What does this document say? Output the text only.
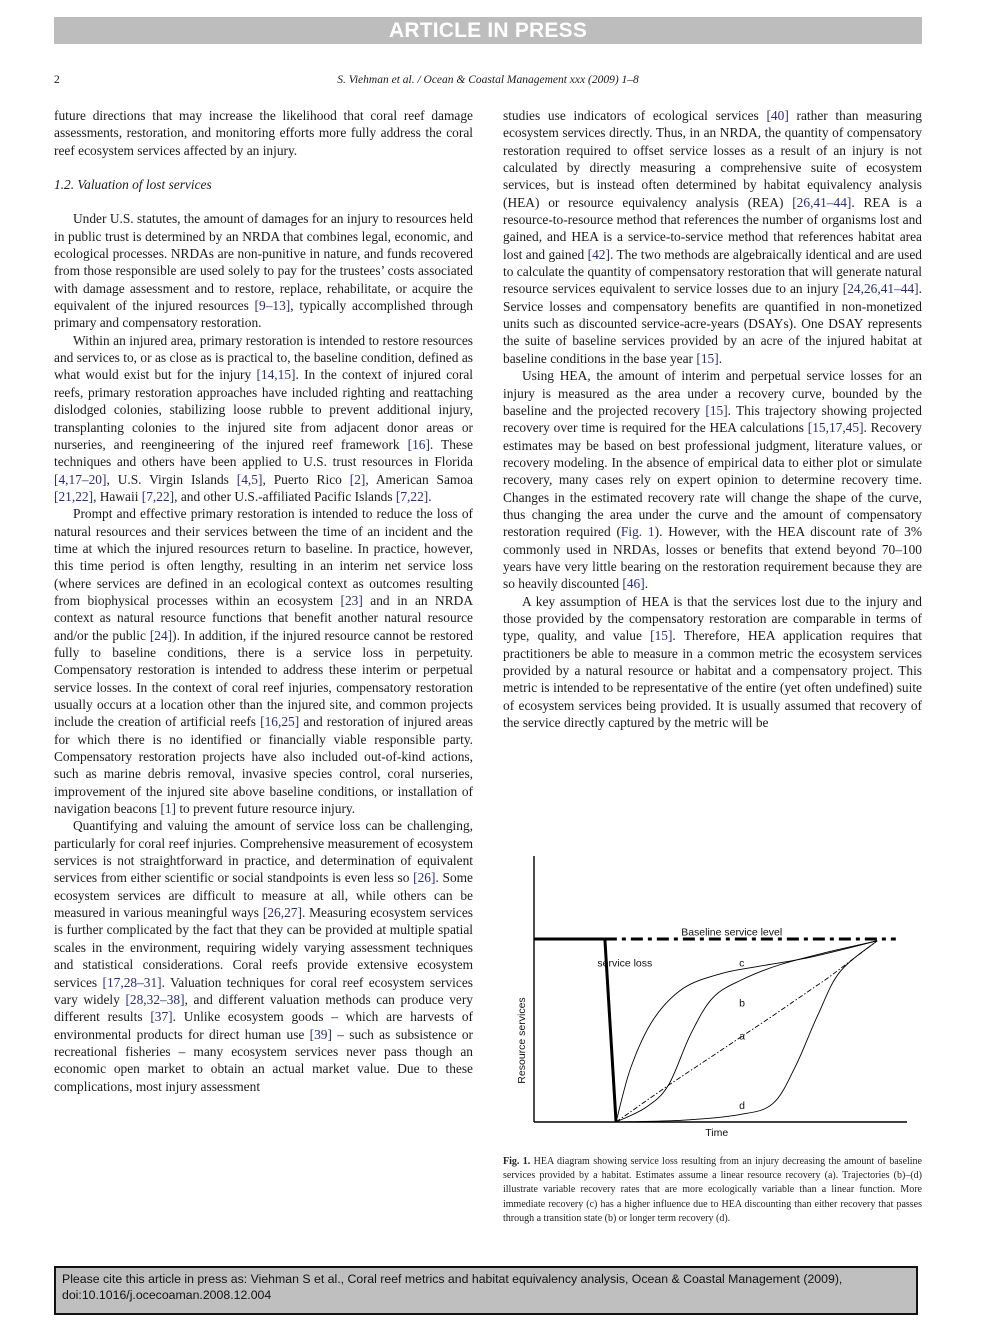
ARTICLE IN PRESS
2	S. Viehman et al. / Ocean & Coastal Management xxx (2009) 1–8

future directions that may increase the likelihood that coral reef damage assessments, restoration, and monitoring efforts more fully address the coral reef ecosystem services affected by an injury.

1.2. Valuation of lost services

Under U.S. statutes, the amount of damages for an injury to resources held in public trust is determined by an NRDA that combines legal, economic, and ecological processes. NRDAs are non-punitive in nature, and funds recovered from those responsible are used solely to pay for the trustees’ costs associated with damage assessment and to restore, replace, rehabilitate, or acquire the equivalent of the injured resources [9–13], typically accomplished through primary and compensatory restoration.

Within an injured area, primary restoration is intended to restore resources and services to, or as close as is practical to, the baseline condition, defined as what would exist but for the injury [14,15]. In the context of injured coral reefs, primary restoration approaches have included righting and reattaching dislodged colonies, stabilizing loose rubble to prevent additional injury, transplanting colonies to the injured site from adjacent donor areas or nurseries, and reengineering of the injured reef framework [16]. These techniques and others have been applied to U.S. trust resources in Florida [4,17–20], U.S. Virgin Islands [4,5], Puerto Rico [2], American Samoa [21,22], Hawaii [7,22], and other U.S.-affiliated Pacific Islands [7,22].

Prompt and effective primary restoration is intended to reduce the loss of natural resources and their services between the time of an incident and the time at which the injured resources return to baseline. In practice, however, this time period is often lengthy, resulting in an interim net service loss (where services are defined in an ecological context as outcomes resulting from biophysical processes within an ecosystem [23] and in an NRDA context as natural resource functions that benefit another natural resource and/or the public [24]). In addition, if the injured resource cannot be restored fully to baseline conditions, there is a service loss in perpetuity. Compensatory restoration is intended to address these interim or perpetual service losses. In the context of coral reef injuries, compensatory restoration usually occurs at a location other than the injured site, and common projects include the creation of artificial reefs [16,25] and restoration of injured areas for which there is no identified or financially viable responsible party. Compensatory restoration projects have also included out-of-kind actions, such as marine debris removal, invasive species control, coral nurseries, improvement of the injured site above baseline conditions, or installation of navigation beacons [1] to prevent future resource injury.

Quantifying and valuing the amount of service loss can be challenging, particularly for coral reef injuries. Comprehensive measurement of ecosystem services is not straightforward in practice, and determination of equivalent services from either scientific or social standpoints is even less so [26]. Some ecosystem services are difficult to measure at all, while others can be measured in various meaningful ways [26,27]. Measuring ecosystem services is further complicated by the fact that they can be provided at multiple spatial scales in the environment, requiring widely varying assessment techniques and statistical considerations. Coral reefs provide extensive ecosystem services [17,28–31]. Valuation techniques for coral reef ecosystem services vary widely [28,32–38], and different valuation methods can produce very different results [37]. Unlike ecosystem goods – which are harvests of environmental products for direct human use [39] – such as subsistence or recreational fisheries – many ecosystem services never pass though an economic open market to obtain an actual market value. Due to these complications, most injury assessment

studies use indicators of ecological services [40] rather than measuring ecosystem services directly. Thus, in an NRDA, the quantity of compensatory restoration required to offset service losses as a result of an injury is not calculated by directly measuring a comprehensive suite of ecosystem services, but is instead often determined by habitat equivalency analysis (HEA) or resource equivalency analysis (REA) [26,41–44]. REA is a resource-to-resource method that references the number of organisms lost and gained, and HEA is a service-to-service method that references habitat area lost and gained [42]. The two methods are algebraically identical and are used to calculate the quantity of compensatory restoration that will generate natural resource services equivalent to service losses due to an injury [24,26,41–44]. Service losses and compensatory benefits are quantified in non-monetized units such as discounted service-acre-years (DSAYs). One DSAY represents the suite of baseline services provided by an acre of the injured habitat at baseline conditions in the base year [15].

Using HEA, the amount of interim and perpetual service losses for an injury is measured as the area under a recovery curve, bounded by the baseline and the projected recovery [15]. This trajectory showing projected recovery over time is required for the HEA calculations [15,17,45]. Recovery estimates may be based on best professional judgment, literature values, or recovery modeling. In the absence of empirical data to either plot or simulate recovery, many cases rely on expert opinion to determine recovery time. Changes in the estimated recovery rate will change the shape of the curve, thus changing the area under the curve and the amount of compensatory restoration required (Fig. 1). However, with the HEA discount rate of 3% commonly used in NRDAs, losses or benefits that extend beyond 70–100 years have very little bearing on the restoration requirement because they are so heavily discounted [46].

A key assumption of HEA is that the services lost due to the injury and those provided by the compensatory restoration are comparable in terms of type, quality, and value [15]. Therefore, HEA application requires that practitioners be able to measure in a common metric the ecosystem services provided by a natural resource or habitat and a compensatory project. This metric is intended to be representative of the entire (yet often undefined) suite of ecosystem services being provided. It is usually assumed that recovery of the service directly captured by the metric will be

Time
Resource services
Baseline service level
service loss	c
b
a
d
Fig. 1. HEA diagram showing service loss resulting from an injury decreasing the amount of baseline services provided by a habitat. Estimates assume a linear resource recovery (a). Trajectories (b)–(d) illustrate variable recovery rates that are more ecologically variable than a linear function. More immediate recovery (c) has a higher influence due to HEA discounting than either recovery that passes through a transition state (b) or longer term recovery (d).
Please cite this article in press as: Viehman S et al., Coral reef metrics and habitat equivalency analysis, Ocean & Coastal Management (2009),
doi:10.1016/j.ocecoaman.2008.12.004
